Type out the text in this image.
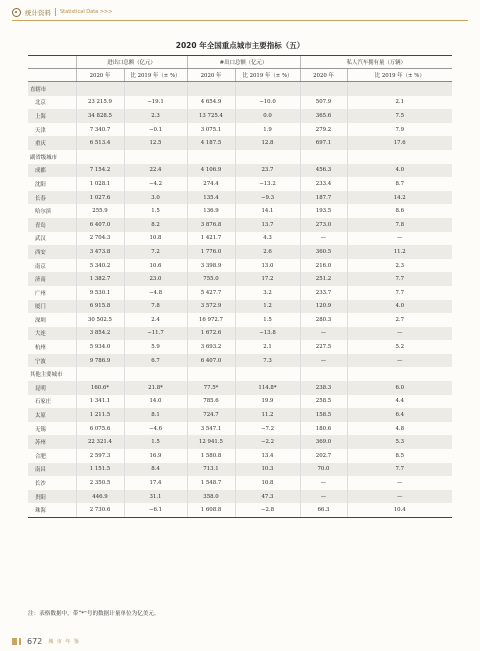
统计资料 Statistical Data >>>
2020 年全国重点城市主要指标（五）
	进出口总额（亿元）		#出口总额（亿元）		私人汽车拥有量（万辆）	
	2020 年	比 2019 年（± %）	2020 年	比 2019 年（± %）	2020 年	比 2019 年（± %）
直辖市						
北京	23 215.9	−19.1	4 654.9	−10.0	507.9	2.1
上海	34 828.5	2.3	13 725.4	0.0	365.6	7.5
天津	7 340.7	−0.1	3 075.1	1.9	279.2	7.9
重庆	6 513.4	12.5	4 187.5	12.8	697.1	17.6
副省级城市						
成都	7 154.2	22.4	4 106.9	23.7	456.3	4.0
沈阳	1 028.1	−4.2	274.4	−13.2	233.4	8.7
长春	1 027.6	3.0	135.4	−9.3	187.7	14.2
哈尔滨	255.9	1.5	136.9	14.1	193.5	8.6
青岛	6 407.0	8.2	3 876.8	13.7	273.0	7.8
武汉	2 704.3	10.8	1 421.7	4.3	—	—
西安	3 473.8	7.2	1 776.0	2.6	360.5	11.2
南京	5 340.2	10.6	3 398.9	13.0	216.0	2.3
济南	1 382.7	23.0	755.0	17.2	251.2	7.7
广州	9 530.1	−4.8	5 427.7	3.2	233.7	7.7
厦门	6 915.8	7.8	3 572.9	1.2	120.9	4.0
深圳	30 502.5	2.4	16 972.7	1.5	280.3	2.7
大连	3 854.2	−11.7	1 672.6	−13.8	—	—
杭州	5 934.0	5.9	3 693.2	2.1	227.5	5.2
宁波	9 786.9	6.7	6 407.0	7.3	—	—
其他主要城市						
昆明	160.6*	21.8*	77.5*	114.8*	238.3	6.0
石家庄	1 341.1	14.0	785.6	19.9	258.5	4.4
太原	1 211.5	8.1	724.7	11.2	158.5	6.4
无锡	6 075.6	−4.6	3 547.1	−7.2	180.6	4.8
苏州	22 321.4	1.5	12 941.5	−2.2	369.0	5.3
合肥	2 597.3	16.9	1 580.8	13.4	202.7	8.5
南昌	1 151.5	8.4	713.1	10.3	70.0	7.7
长沙	2 350.5	17.4	1 548.7	10.8	—	—
贵阳	446.9	31.1	358.0	47.3	—	—
珠海	2 730.6	−6.1	1 608.8	−2.8	66.3	10.4
注：表格数据中，带“*”号的数据计量单位为亿美元。
672 城 市 年 鉴
